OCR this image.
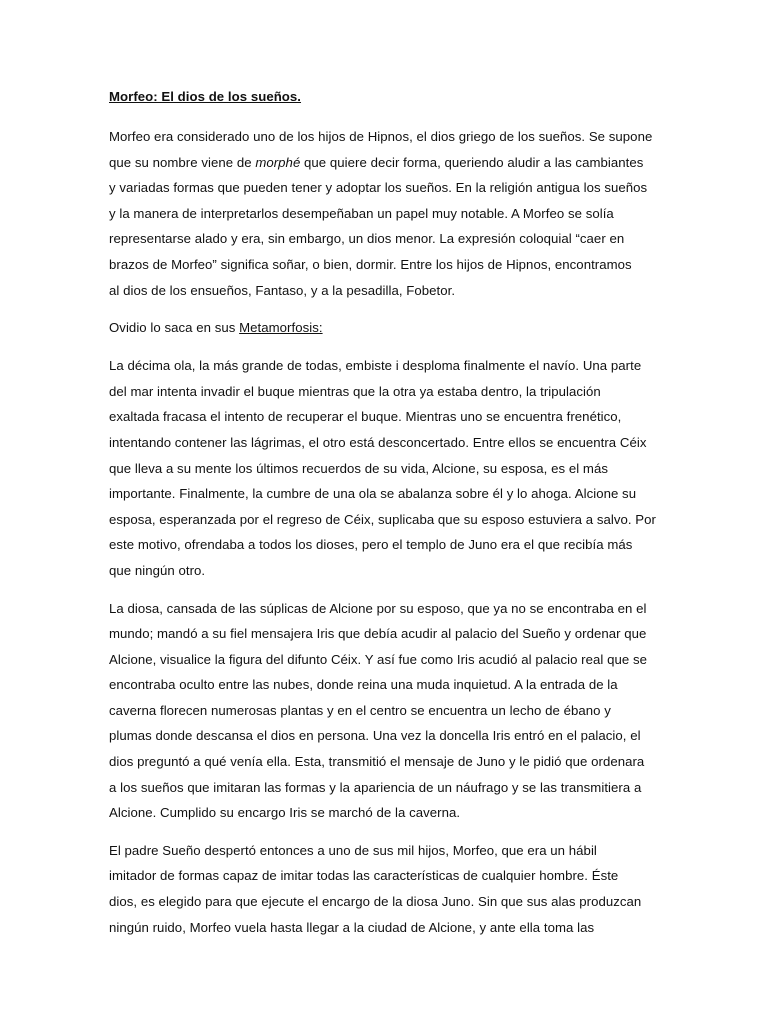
Morfeo: El dios de los sueños.
Morfeo era considerado uno de los hijos de Hipnos, el dios griego de los sueños. Se supone
que su nombre viene de morphé que quiere decir forma, queriendo aludir a las cambiantes
y variadas formas que pueden tener y adoptar los sueños. En la religión antigua los sueños
y la manera de interpretarlos desempeñaban un papel muy notable. A Morfeo se solía
representarse alado y era, sin embargo, un dios menor. La expresión coloquial “caer en
brazos de Morfeo” significa soñar, o bien, dormir. Entre los hijos de Hipnos, encontramos
al dios de los ensueños, Fantaso, y a la pesadilla, Fobetor.
Ovidio lo saca en sus Metamorfosis:
La décima ola, la más grande de todas, embiste i desploma finalmente el navío. Una parte
del mar intenta invadir el buque mientras que la otra ya estaba dentro, la tripulación
exaltada fracasa el intento de recuperar el buque. Mientras uno se encuentra frenético,
intentando contener las lágrimas, el otro está desconcertado. Entre ellos se encuentra Céix
que lleva a su mente los últimos recuerdos de su vida, Alcione, su esposa, es el más
importante. Finalmente, la cumbre de una ola se abalanza sobre él y lo ahoga. Alcione su
esposa, esperanzada por el regreso de Céix, suplicaba que su esposo estuviera a salvo. Por
este motivo, ofrendaba a todos los dioses, pero el templo de Juno era el que recibía más
que ningún otro.
La diosa, cansada de las súplicas de Alcione por su esposo, que ya no se encontraba en el
mundo; mandó a su fiel mensajera Iris que debía acudir al palacio del Sueño y ordenar que
Alcione, visualice la figura del difunto Céix. Y así fue como Iris acudió al palacio real que se
encontraba oculto entre las nubes, donde reina una muda inquietud. A la entrada de la
caverna florecen numerosas plantas y en el centro se encuentra un lecho de ébano y
plumas donde descansa el dios en persona. Una vez la doncella Iris entró en el palacio, el
dios preguntó a qué venía ella. Esta, transmitió el mensaje de Juno y le pidió que ordenara
a los sueños que imitaran las formas y la apariencia de un náufrago y se las transmitiera a
Alcione. Cumplido su encargo Iris se marchó de la caverna.
El padre Sueño despertó entonces a uno de sus mil hijos, Morfeo, que era un hábil
imitador de formas capaz de imitar todas las características de cualquier hombre. Éste
dios, es elegido para que ejecute el encargo de la diosa Juno. Sin que sus alas produzcan
ningún ruido, Morfeo vuela hasta llegar a la ciudad de Alcione, y ante ella toma las
